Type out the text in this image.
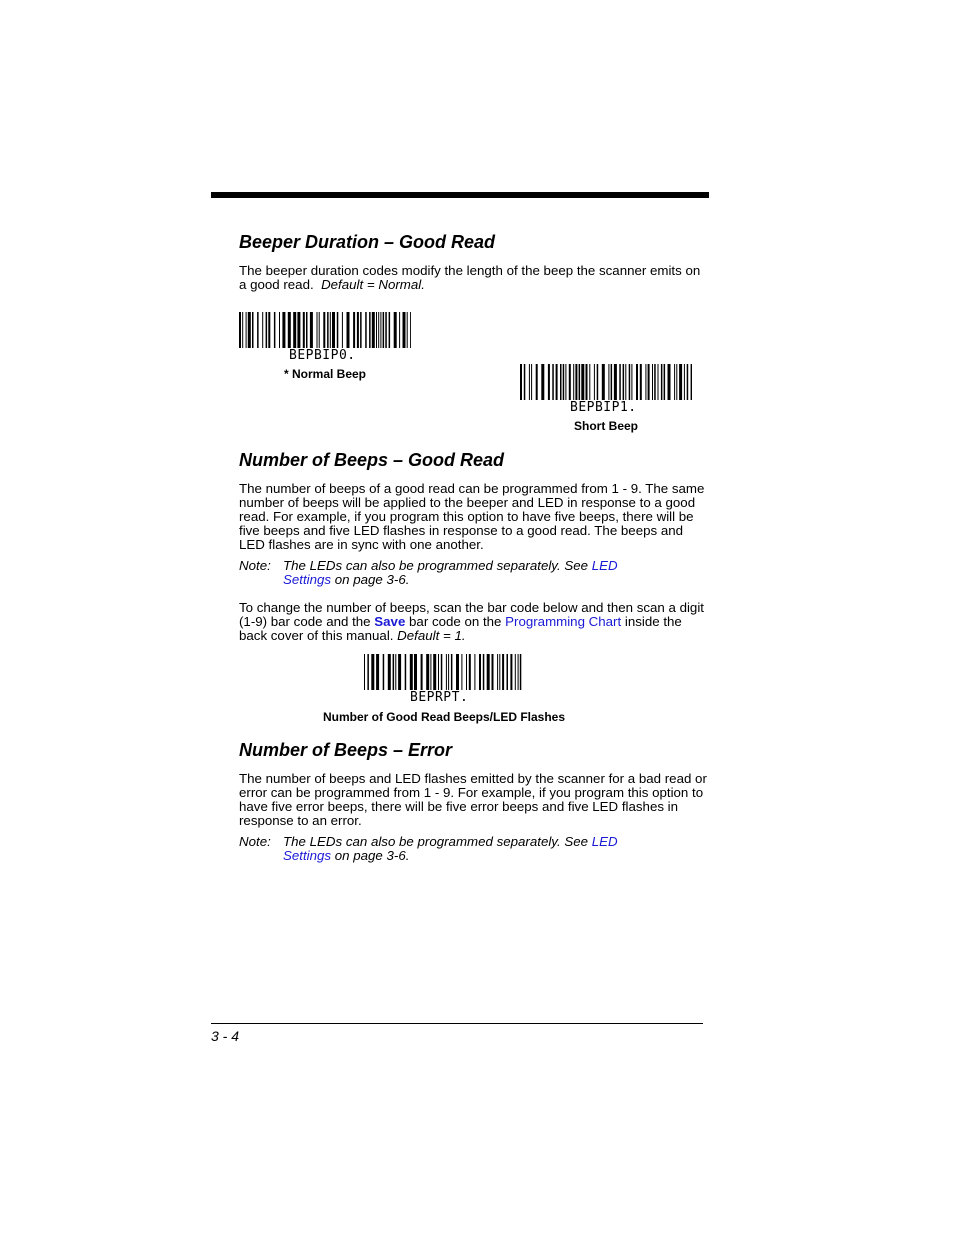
Beeper Duration – Good Read

The beeper duration codes modify the length of the beep the scanner emits on a good read. Default = Normal.

BEPBIP0.
* Normal Beep
BEPBIP1.
Short Beep
Number of Beeps – Good Read

The number of beeps of a good read can be programmed from 1 - 9. The same number of beeps will be applied to the beeper and LED in response to a good read. For example, if you program this option to have five beeps, there will be five beeps and five LED flashes in response to a good read. The beeps and LED flashes are in sync with one another.

Note: The LEDs can also be programmed separately. See LED Settings on page 3-6.

To change the number of beeps, scan the bar code below and then scan a digit (1-9) bar code and the Save bar code on the Programming Chart inside the back cover of this manual. Default = 1.

BEPRPT.
Number of Good Read Beeps/LED Flashes
Number of Beeps – Error

The number of beeps and LED flashes emitted by the scanner for a bad read or error can be programmed from 1 - 9. For example, if you program this option to have five error beeps, there will be five error beeps and five LED flashes in response to an error.

Note: The LEDs can also be programmed separately. See LED Settings on page 3-6.
3 - 4
